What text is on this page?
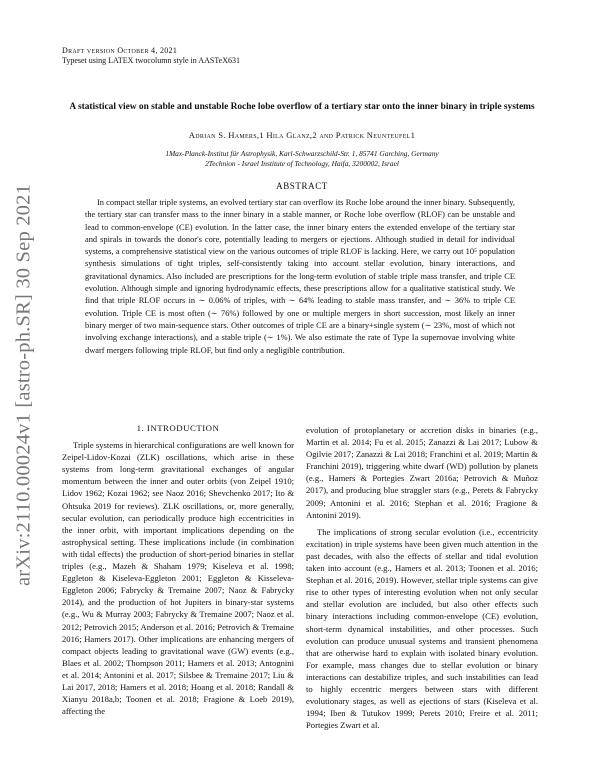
arXiv:2110.00024v1 [astro-ph.SR] 30 Sep 2021
Draft version October 4, 2021
Typeset using LATEX twocolumn style in AASTeX631
A statistical view on stable and unstable Roche lobe overflow of a tertiary star onto the inner binary in triple systems
Adrian S. Hamers,1 Hila Glanz,2 and Patrick Neunteufel1
1Max-Planck-Institut für Astrophysik, Karl-Schwarzschild-Str. 1, 85741 Garching, Germany
2Technion - Israel Institute of Technology, Haifa, 3200002, Israel
ABSTRACT

In compact stellar triple systems, an evolved tertiary star can overflow its Roche lobe around the inner binary. Subsequently, the tertiary star can transfer mass to the inner binary in a stable manner, or Roche lobe overflow (RLOF) can be unstable and lead to common-envelope (CE) evolution. In the latter case, the inner binary enters the extended envelope of the tertiary star and spirals in towards the donor's core, potentially leading to mergers or ejections. Although studied in detail for individual systems, a comprehensive statistical view on the various outcomes of triple RLOF is lacking. Here, we carry out 10⁵ population synthesis simulations of tight triples, self-consistently taking into account stellar evolution, binary interactions, and gravitational dynamics. Also included are prescriptions for the long-term evolution of stable triple mass transfer, and triple CE evolution. Although simple and ignoring hydrodynamic effects, these prescriptions allow for a qualitative statistical study. We find that triple RLOF occurs in ∼ 0.06% of triples, with ∼ 64% leading to stable mass transfer, and ∼ 36% to triple CE evolution. Triple CE is most often (∼ 76%) followed by one or multiple mergers in short succession, most likely an inner binary merger of two main-sequence stars. Other outcomes of triple CE are a binary+single system (∼ 23%, most of which not involving exchange interactions), and a stable triple (∼ 1%). We also estimate the rate of Type Ia supernovae involving white dwarf mergers following triple RLOF, but find only a negligible contribution.

1. INTRODUCTION

Triple systems in hierarchical configurations are well known for Zeipel-Lidov-Kozai (ZLK) oscillations, which arise in these systems from long-term gravitational exchanges of angular momentum between the inner and outer orbits (von Zeipel 1910; Lidov 1962; Kozai 1962; see Naoz 2016; Shevchenko 2017; Ito & Ohtsuka 2019 for reviews). ZLK oscillations, or, more generally, secular evolution, can periodically produce high eccentricities in the inner orbit, with important implications depending on the astrophysical setting. These implications include (in combination with tidal effects) the production of short-period binaries in stellar triples (e.g., Mazeh & Shaham 1979; Kiseleva et al. 1998; Eggleton & Kiseleva-Eggleton 2001; Eggleton & Kisseleva-Eggleton 2006; Fabrycky & Tremaine 2007; Naoz & Fabrycky 2014), and the production of hot Jupiters in binary-star systems (e.g., Wu & Murray 2003; Fabrycky & Tremaine 2007; Naoz et al. 2012; Petrovich 2015; Anderson et al. 2016; Petrovich & Tremaine 2016; Hamers 2017). Other implications are enhancing mergers of compact objects leading to gravitational wave (GW) events (e.g., Blaes et al. 2002; Thompson 2011; Hamers et al. 2013; Antognini et al. 2014; Antonini et al. 2017; Silsbee & Tremaine 2017; Liu & Lai 2017, 2018; Hamers et al. 2018; Hoang et al. 2018; Randall & Xianyu 2018a,b; Toonen et al. 2018; Fragione & Loeb 2019), affecting the

evolution of protoplanetary or accretion disks in binaries (e.g., Martin et al. 2014; Fu et al. 2015; Zanazzi & Lai 2017; Lubow & Ogilvie 2017; Zanazzi & Lai 2018; Franchini et al. 2019; Martin & Franchini 2019), triggering white dwarf (WD) pollution by planets (e.g., Hamers & Portegies Zwart 2016a; Petrovich & Muñoz 2017), and producing blue straggler stars (e.g., Perets & Fabrycky 2009; Antonini et al. 2016; Stephan et al. 2016; Fragione & Antonini 2019).

The implications of strong secular evolution (i.e., eccentricity excitation) in triple systems have been given much attention in the past decades, with also the effects of stellar and tidal evolution taken into account (e.g., Hamers et al. 2013; Toonen et al. 2016; Stephan et al. 2016, 2019). However, stellar triple systems can give rise to other types of interesting evolution when not only secular and stellar evolution are included, but also other effects such binary interactions including common-envelope (CE) evolution, short-term dynamical instabilities, and other processes. Such evolution can produce unusual systems and transient phenomena that are otherwise hard to explain with isolated binary evolution. For example, mass changes due to stellar evolution or binary interactions can destabilize triples, and such instabilities can lead to highly eccentric mergers between stars with different evolutionary stages, as well as ejections of stars (Kiseleva et al. 1994; Iben & Tutukov 1999; Perets 2010; Freire et al. 2011; Portegies Zwart et al.
